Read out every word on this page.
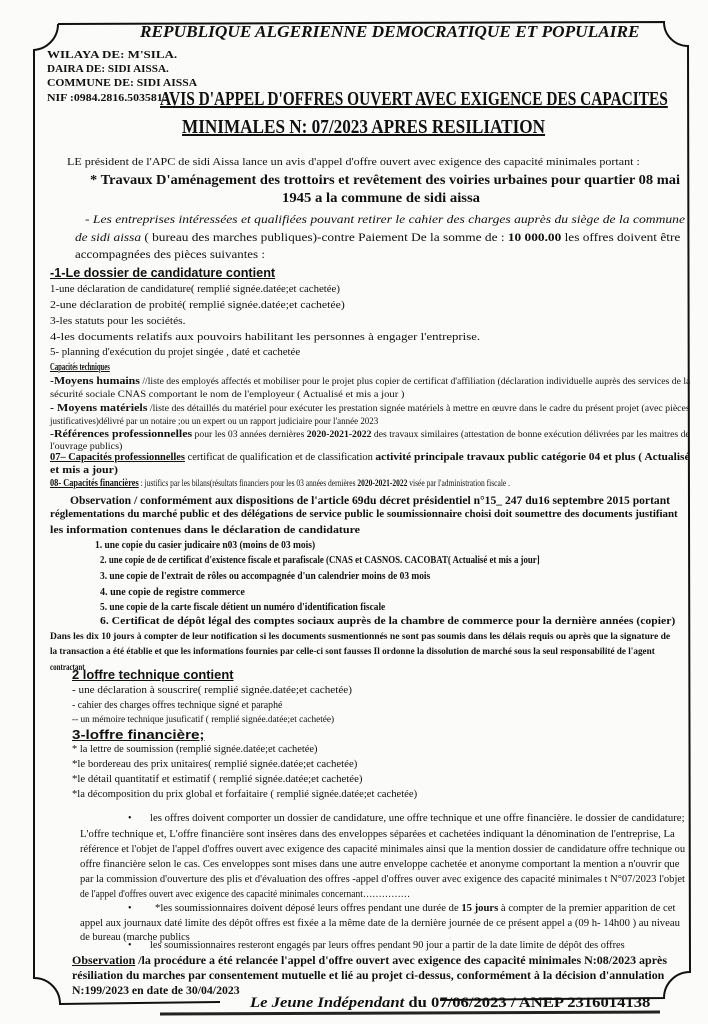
REPUBLIQUE ALGERIENNE DEMOCRATIQUE ET POPULAIRE
WILAYA DE: M'SILA.
DAIRA DE: SIDI AISSA.
COMMUNE DE: SIDI AISSA
NIF :0984.2816.5035813
AVIS D'APPEL D'OFFRES OUVERT AVEC EXIGENCE DES CAPACITES
MINIMALES N: 07/2023 APRES RESILIATION
LE président de l'APC de sidi Aissa lance un avis d'appel d'offre ouvert avec exigence des capacité minimales portant :
* Travaux D'aménagement des trottoirs et revêtement des voiries urbaines pour quartier 08 mai
1945 a la commune de sidi aissa
- Les entreprises intéressées et qualifiées pouvant retirer le cahier des charges auprès du siège de la commune
de sidi aissa ( bureau des marches publiques)-contre Paiement De la somme de : 10 000.00 les offres doivent être
accompagnées des pièces suivantes :
-1-Le dossier de candidature contient
1-une déclaration de candidature( remplié signée.datée;et cachetée)
2-une déclaration de probité( remplié signée.datée;et cachetée)
3-les statuts pour les sociétés.
4-les documents relatifs aux pouvoirs habilitant les personnes à engager l'entreprise.
5- planning d'exécution du projet singée , daté et cachetée
Capacités techniques
-Moyens humains //liste des employés affectés et mobiliser pour le projet plus copier de certificat d'affiliation (déclaration individuelle auprès des services de la
sécurité sociale CNAS comportant le nom de l'employeur ( Actualisé et mis a jour )
- Moyens matériels /liste des détaillés du matériel pour exécuter les prestation signée matériels à mettre en œuvre dans le cadre du présent projet (avec pièces
justificatives)délivré par un notaire ;ou un expert ou un rapport judiciaire pour l'année 2023
-Références professionnelles pour les 03 années dernières 2020-2021-2022 des travaux similaires (attestation de bonne exécution délivrées par les maitres de
l'ouvrage publics)
07– Capacités professionnelles certificat de qualification et de classification activité principale travaux public catégorie 04 et plus ( Actualisé
et mis a jour)
08- Capacités financières : justifics par les bilans(résultats financiers pour les 03 années dernières 2020-2021-2022 visée par l'administration fiscale .
Observation / conformément aux dispositions de l'article 69du décret présidentiel n°15_ 247 du16 septembre 2015 portant
réglementations du marché public et des délégations de service public le soumissionnaire choisi doit soumettre des documents justifiant
les information contenues dans le déclaration de candidature
1. une copie du casier judicaire n03 (moins de 03 mois)
2. une copie de de certificat d'existence fiscale et parafiscale (CNAS et CASNOS. CACOBAT( Actualisé et mis a jour]
3. une copie de l'extrait de rôles ou accompagnée d'un calendrier moins de 03 mois
4. une copie de registre commerce
5. une copie de la carte fiscale détient un numéro d'identification fiscale
6. Certificat de dépôt légal des comptes sociaux auprès de la chambre de commerce pour la dernière années (copier)
Dans les dix 10 jours à compter de leur notification si les documents susmentionnés ne sont pas soumis dans les délais requis ou après que la signature de
la transaction a été établie et que les informations fournies par celle-ci sont fausses Il ordonne la dissolution de marché sous la seul responsabilité de l'agent
contractant
2 loffre technique contient
- une déclaration à souscrire( remplié signée.datée;et cachetée)
- cahier des charges offres technique signé et paraphé
-- un mémoire technique jusuficatif ( remplié signée.datée;et cachetée)
3-loffre financière;
* la lettre de soumission (remplié signée.datée;et cachetée)
*le bordereau des prix unitaires( remplié signée.datée;et cachetée)
*le détail quantitatif et estimatif ( remplié signée.datée;et cachetée)
*la décomposition du prix global et forfaitaire ( remplié signée.datée;et cachetée)
• les offres doivent comporter un dossier de candidature, une offre technique et une offre financière. le dossier de candidature;
L'offre technique et, L'offre financière sont insères dans des enveloppes séparées et cachetées indiquant la dénomination de l'entreprise, La
référence et l'objet de l'appel d'offres ouvert avec exigence des capacité minimales ainsi que la mention dossier de candidature offre technique ou
offre financière selon le cas. Ces enveloppes sont mises dans une autre enveloppe cachetée et anonyme comportant la mention a n'ouvrir que
par la commission d'ouverture des plis et d'évaluation des offres -appel d'offres ouver avec exigence des capacité minimales t N°07/2023 l'objet
de l'appel d'offres ouvert avec exigence des capacité minimales concernant……………
• *les soumissionnaires doivent déposé leurs offres pendant une durée de 15 jours à compter de la premier apparition de cet
appel aux journaux daté limite des dépôt offres est fixée a la même date de la dernière journée de ce présent appel a (09 h- 14h00 ) au niveau
de bureau (marche publics
• les soumissionnaires resteront engagés par leurs offres pendant 90 jour a partir de la date limite de dépôt des offres
Observation /la procédure a été relancée l'appel d'offre ouvert avec exigence des capacité minimales N:08/2023 après
résiliation du marches par consentement mutuelle et lié au projet ci-dessus, conformément à la décision d'annulation
N:199/2023 en date de 30/04/2023
Le Jeune Indépendant du 07/06/2023 / ANEP 2316014138
